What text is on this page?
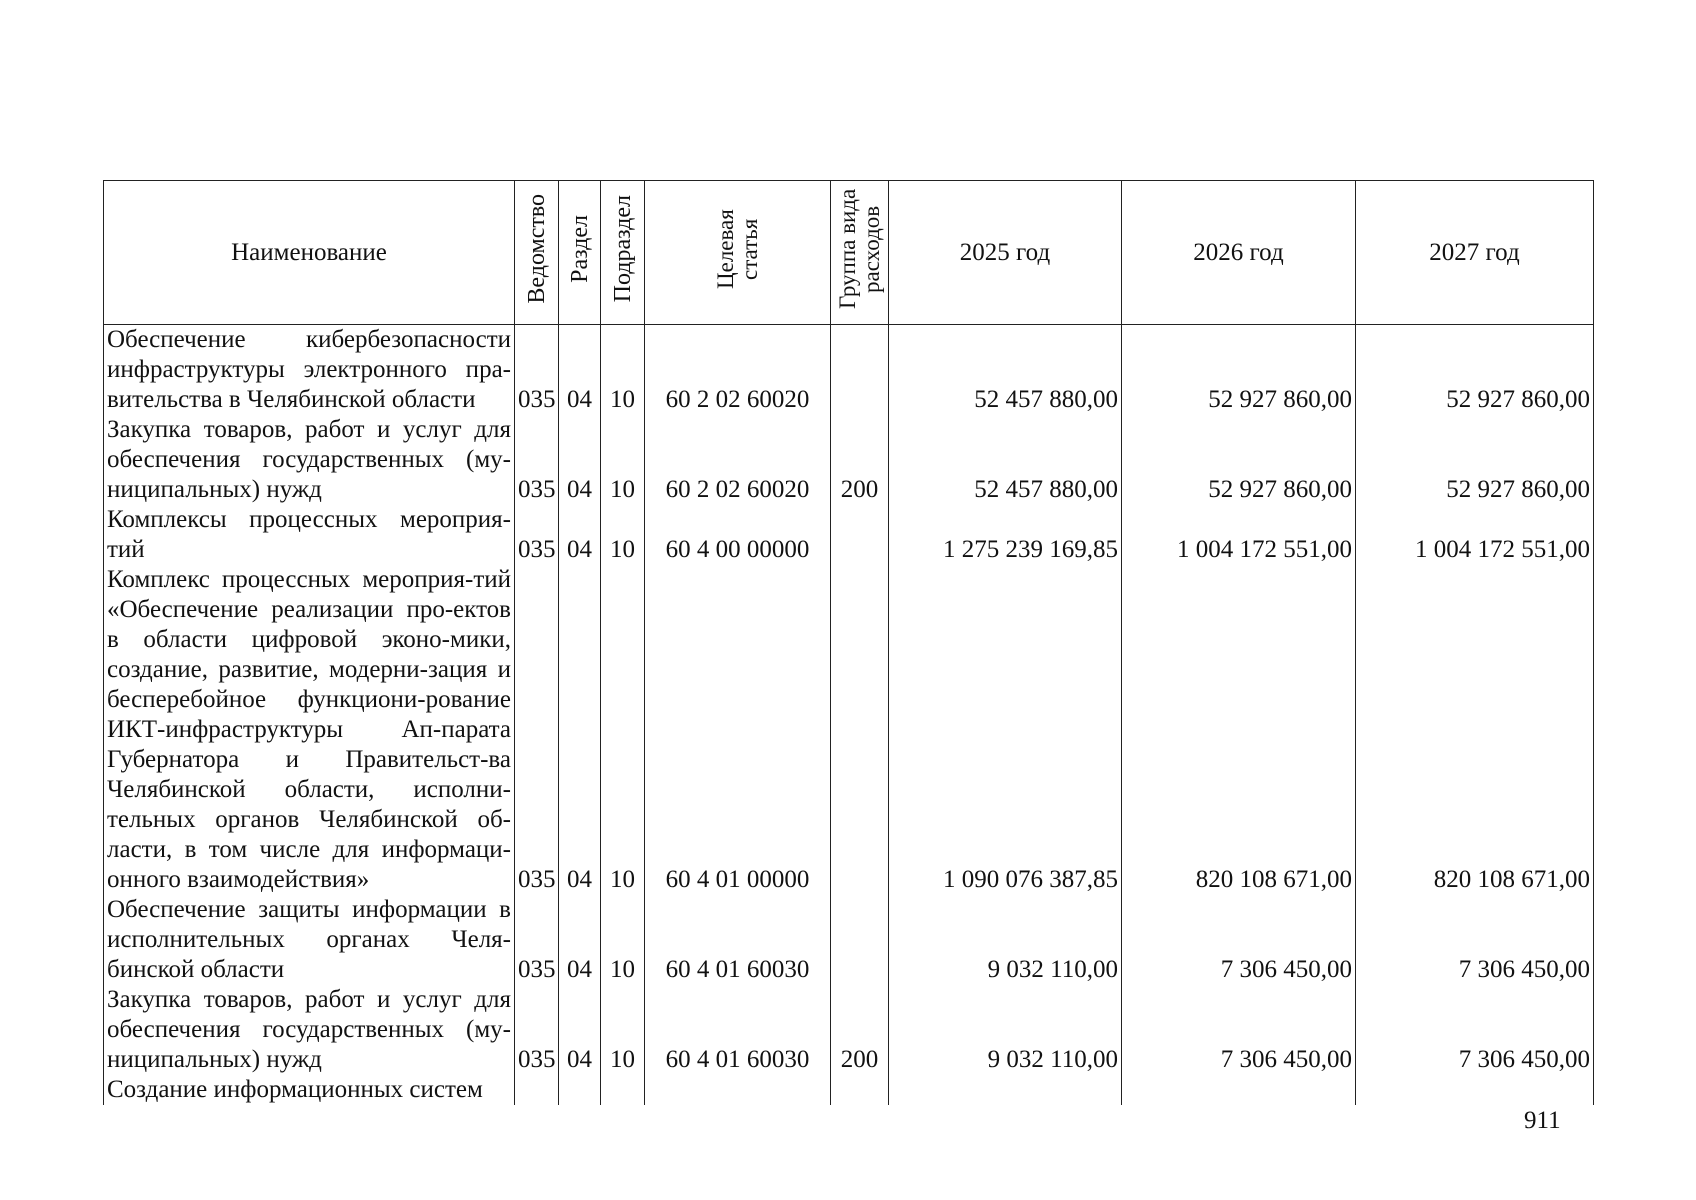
Наименование	Ведомство	Раздел	Подраздел	Целевая статья	Группа вида расходов	2025 год	2026 год	2027 год
Обеспечение кибербезопасности инфраструктуры электронного пра-вительства в Челябинской области	035	04	10	60 2 02 60020		52 457 880,00	52 927 860,00	52 927 860,00
Закупка товаров, работ и услуг для обеспечения государственных (му-ниципальных) нужд	035	04	10	60 2 02 60020	200	52 457 880,00	52 927 860,00	52 927 860,00
Комплексы процессных мероприя-тий	035	04	10	60 4 00 00000		1 275 239 169,85	1 004 172 551,00	1 004 172 551,00
Комплекс процессных мероприя-тий «Обеспечение реализации про-ектов в области цифровой эконо-мики, создание, развитие, модерни-зация и бесперебойное функциони-рование ИКТ-инфраструктуры Ап-парата Губернатора и Правительст-ва Челябинской области, исполни-тельных органов Челябинской об-ласти, в том числе для информаци-онного взаимодействия»	035	04	10	60 4 01 00000		1 090 076 387,85	820 108 671,00	820 108 671,00
Обеспечение защиты информации в исполнительных органах Челя-бинской области	035	04	10	60 4 01 60030		9 032 110,00	7 306 450,00	7 306 450,00
Закупка товаров, работ и услуг для обеспечения государственных (му-ниципальных) нужд	035	04	10	60 4 01 60030	200	9 032 110,00	7 306 450,00	7 306 450,00
Создание информационных систем								
911
